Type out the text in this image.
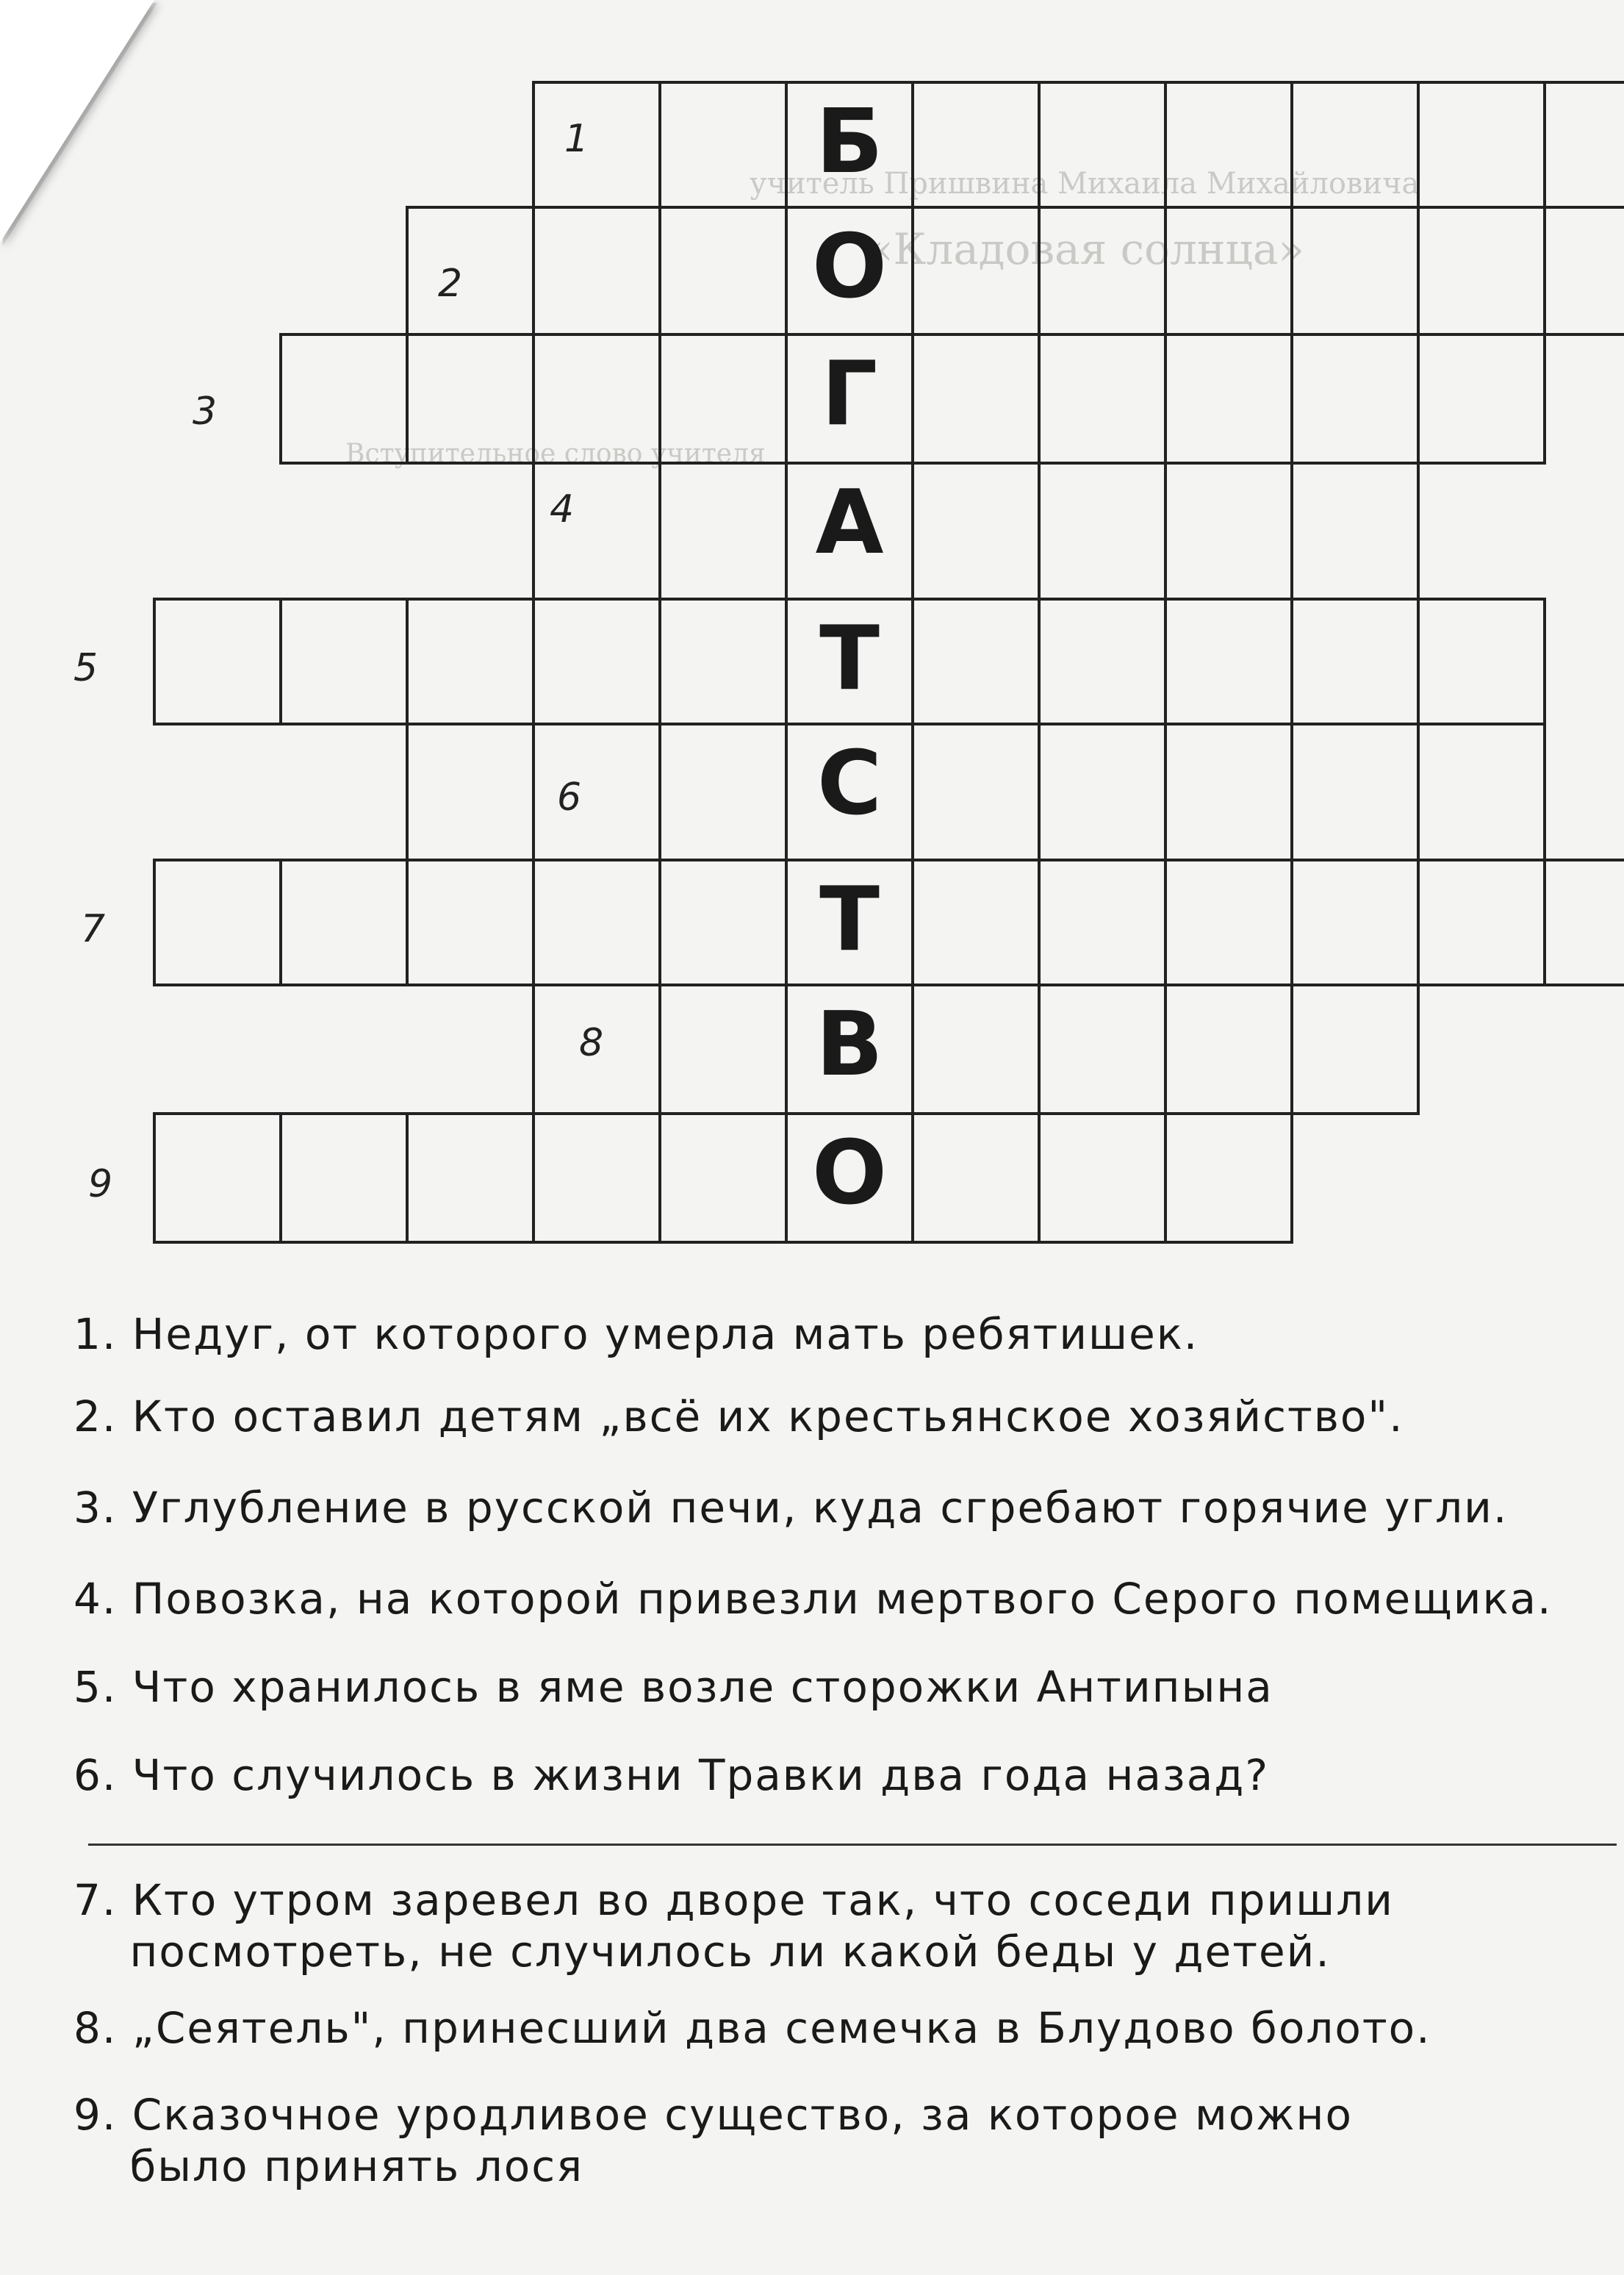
учитель Пришвина Михаила Михайловича
«Кладовая солнца»
Вступительное слово учителя
Б
О
Г
А
Т
С
Т
В
О
1
2
3
4
5
6
7
8
9
1. Недуг, от которого умерла мать ребятишек.
2. Кто оставил детям „всё их крестьянское хозяйство".
3. Углубление в русской печи, куда сгребают горячие угли.
4. Повозка, на которой привезли мертвого Серого помещика.
5. Что хранилось в яме возле сторожки Антипына
6. Что случилось в жизни Травки два года назад?
7. Кто утром заревел во дворе так, что соседи пришли
посмотреть, не случилось ли какой беды у детей.
8. „Сеятель", принесший два семечка в Блудово болото.
9. Сказочное уродливое существо, за которое можно
было принять лося
